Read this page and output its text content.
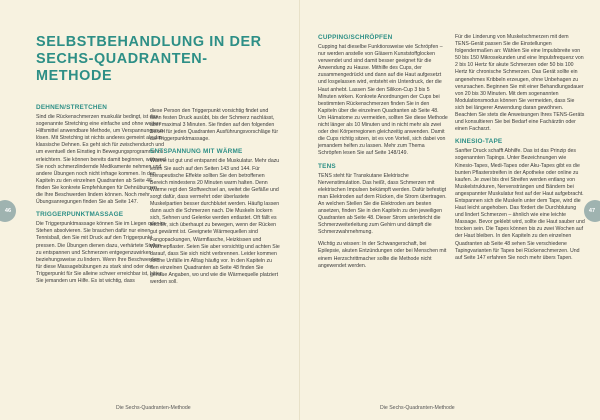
46	47
SELBSTBEHANDLUNG IN DER
SECHS-QUADRANTEN-METHODE
DEHNEN/STRETCHEN

Sind die Rückenschmerzen muskulär bedingt, ist das sogenannte Stretching eine einfache und ohne weitere Hilfsmittel anwendbare Methode, um Verspannungen zu lösen. Mit Stretching ist nichts anderes gemeint als das klassische Dehnen. Es geht sich für zwischendurch und um eventuell den Einstieg in Bewegungsprogramme zu erleichtern. Sie können bereits damit beginnen, während Sie noch schmerzlindernde Medikamente nehmen und andere Übungen noch nicht infrage kommen. In den Kapiteln zu den einzelnen Quadranten ab Seite 46 finden Sie konkrete Empfehlungen für Dehnübungen, die Ihre Beschwerden lindern können. Noch mehr Übungsanregungen finden Sie ab Seite 147.

TRIGGERPUNKTMASSAGE

Die Triggerpunktmassage können Sie im Liegen oder im Stehen absolvieren. Sie brauchen dafür nur einen Tennisball, den Sie mit Druck auf den Triggerpunkt pressen. Die Übungen dienen dazu, verhärtete Stellen zu entspannen und Schmerzen entgegenzuwirken beziehungsweise zu lindern. Wenn Ihre Beschwerden für diese Massagebübungen zu stark sind oder der Triggerpunkt für Sie alleine schwer erreichbar ist, bitten Sie jemanden um Hilfe. Es ist wichtig, dass

diese Person den Triggerpunkt vorsichtig findet und dann festen Druck ausübt, bis der Schmerz nachlässt, aber maximal 3 Minuten. Sie finden auf den folgenden Seiten für jeden Quadranten Ausführungsvorschläge für die Triggerpunktmassage.

ENTSPANNUNG MIT WÄRME

Wärme tut gut und entspannt die Muskulatur. Mehr dazu lesen Sie auch auf den Seiten 143 und 144. Für therapeutische Effekte sollten Sie den betroffenen Bereich mindestens 20 Minuten warm halten. Denn Wärme regt den Stoffwechsel an, weitet die Gefäße und sorgt dafür, dass vermehrt oder überlastete Muskelpartien besser durchblutet werden. Häufig lassen dann auch die Schmerzen nach. Die Muskeln lockern sich, Sehnen und Gelenke werden entlastet. Oft fällt es leichter, sich überhaupt zu bewegen, wenn der Rücken gut gewärmt ist. Geeignete Wärmequellen sind Fangopackungen, Wärmflasche, Heizkissen und Wärmepflaster. Seien Sie aber vorsichtig und achten Sie darauf, dass Sie sich nicht verbrennen. Leider kommen solche Unfälle im Alltag häufig vor. In den Kapiteln zu den einzelnen Quadranten ab Seite 48 finden Sie genaue Angaben, wo und wie die Wärmequelle platziert werden soll.

CUPPING/SCHRÖPFEN

Cupping hat dieselbe Funktionsweise wie Schröpfen – nur werden anstelle von Gläsern Kunststoffglocken verwendet und sind damit besser geeignet für die Anwendung zu Hause. Mithilfe des Cups, der zusammengedrückt und dann auf die Haut aufgesetzt und losgelassen wird, entsteht ein Unterdruck, der die Haut anhebt. Lassen Sie den Silikon-Cup 3 bis 5 Minuten wirken. Konkrete Anordnungen der Cups bei bestimmten Rückenschmerzen finden Sie in den Kapiteln über die einzelnen Quadranten ab Seite 48. Um Hämatome zu vermeiden, sollten Sie diese Methode nicht länger als 10 Minuten und in nicht mehr als zwei oder drei Körperregionen gleichzeitig anwenden. Damit die Cups richtig sitzen, ist es von Vorteil, sich dabei von jemandem helfen zu lassen. Mehr zum Thema Schröpfen lesen Sie auf Seite 148/149.

TENS

TENS steht für Transkutane Elektrische Nervenstimulation. Das heißt, dass Schmerzen mit elektrischen Impulsen bekämpft werden. Dafür befestigt man Elektroden auf dem Rücken, die Strom übertragen. An welchen Stellen Sie die Elektroden am besten ansetzen, finden Sie in den Kapiteln zu den jeweiligen Quadranten ab Seite 48. Dieser Strom unterbricht die Schmerzweiterleitung zum Gehirn und dämpft die Schmerzwahrnehmung.

Wichtig zu wissen: In der Schwangerschaft, bei Epilepsie, akuten Entzündungen oder bei Menschen mit einem Herzschrittmacher sollte die Methode nicht angewendet werden.

Für die Linderung von Muskelschmerzen mit dem TENS-Gerät passen Sie die Einstellungen folgendermaßen an: Wählen Sie eine Impulsbreite von 50 bis 150 Mikrosekunden und eine Impulsfrequenz von 2 bis 10 Hertz für akute Schmerzen oder 50 bis 100 Hertz für chronische Schmerzen. Das Gerät sollte ein angenehmes Kribbeln erzeugen, ohne Unbehagen zu verursachen. Beginnen Sie mit einer Behandlungsdauer von 20 bis 30 Minuten. Mit dem sogenannten Modulationsmodus können Sie vermeiden, dass Sie sich bei längerer Anwendung daran gewöhnen. Beachten Sie stets die Anweisungen Ihres TENS-Geräts und konsultieren Sie bei Bedarf eine Fachärztin oder einen Facharzt.

KINESIO-TAPE

Sanfter Druck schafft Abhilfe. Das ist das Prinzip des sogenannten Tapings. Unter Bezeichnungen wie Kinesio-Tapes, Medi-Tapes oder Aku-Tapes gibt es die bunten Pflasterstreifen in der Apotheke oder online zu kaufen. Je zwei bis drei Streifen werden entlang von Muskelstrukturen, Nervensträngen und Bändern bei angespannter Muskulatur fest auf der Haut aufgebracht. Entspannen sich die Muskeln unter dem Tape, wird die Haut leicht angehoben. Das fördert die Durchblutung und lindert Schmerzen – ähnlich wie eine leichte Massage. Bevor geklebt wird, sollte die Haut sauber und trocken sein. Die Tapes können bis zu zwei Wochen auf der Haut bleiben. In den Kapiteln zu den einzelnen Quadranten ab Seite 48 sehen Sie verschiedene Tapingvarianten für Tapes bei Rückenschmerzen. Und auf Seite 147 erfahren Sie noch mehr übers Tapen.

Die Sechs-Quadranten-Methode	Die Sechs-Quadranten-Methode
